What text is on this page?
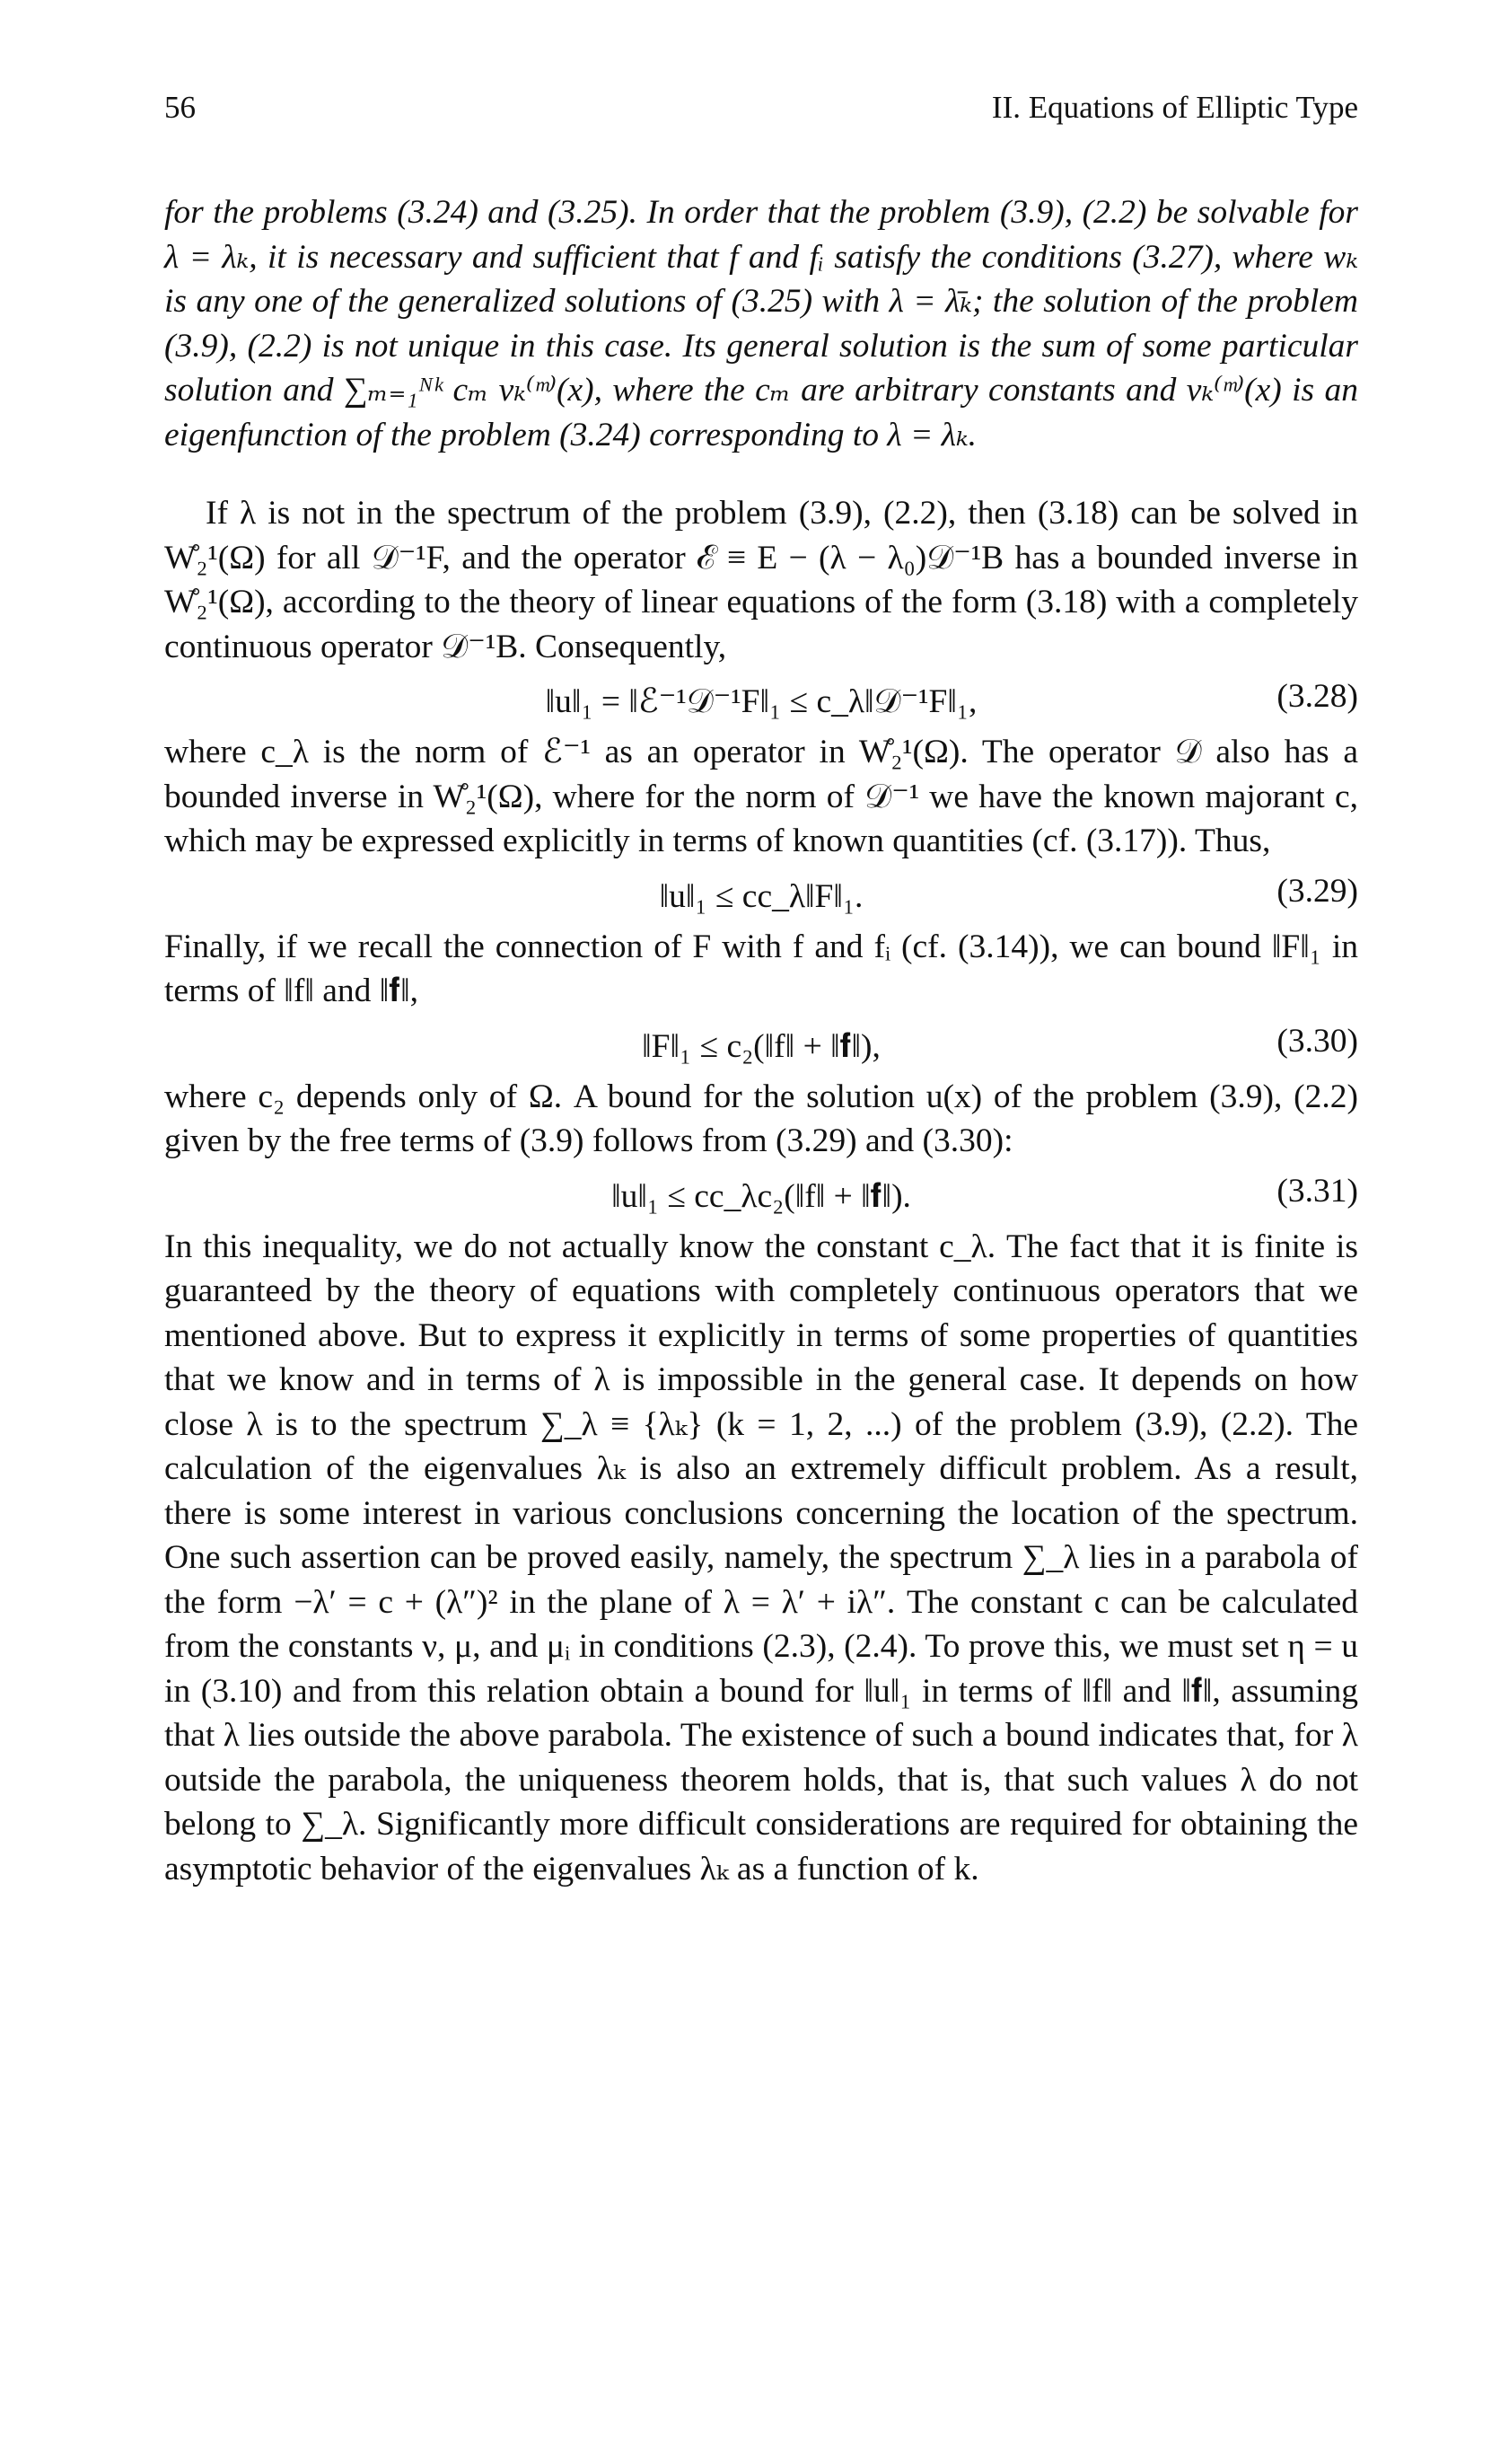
56	II. Equations of Elliptic Type

for the problems (3.24) and (3.25). In order that the problem (3.9), (2.2) be solvable for λ = λₖ, it is necessary and sufficient that f and fᵢ satisfy the conditions (3.27), where wₖ is any one of the generalized solutions of (3.25) with λ = λ̄ₖ; the solution of the problem (3.9), (2.2) is not unique in this case. Its general solution is the sum of some particular solution and ∑ₘ₌₁ᴺᵏ cₘ vₖ⁽ᵐ⁾(x), where the cₘ are arbitrary constants and vₖ⁽ᵐ⁾(x) is an eigenfunction of the problem (3.24) corresponding to λ = λₖ.

If λ is not in the spectrum of the problem (3.9), (2.2), then (3.18) can be solved in W̊₂¹(Ω) for all 𝒟⁻¹F, and the operator ℰ ≡ E − (λ − λ₀)𝒟⁻¹B has a bounded inverse in W̊₂¹(Ω), according to the theory of linear equations of the form (3.18) with a completely continuous operator 𝒟⁻¹B. Consequently,

‖u‖₁ = ‖ℰ⁻¹𝒟⁻¹F‖₁ ≤ c_λ‖𝒟⁻¹F‖₁,	(3.28)

where c_λ is the norm of ℰ⁻¹ as an operator in W̊₂¹(Ω). The operator 𝒟 also has a bounded inverse in W̊₂¹(Ω), where for the norm of 𝒟⁻¹ we have the known majorant c, which may be expressed explicitly in terms of known quantities (cf. (3.17)). Thus,

‖u‖₁ ≤ cc_λ‖F‖₁.	(3.29)

Finally, if we recall the connection of F with f and fᵢ (cf. (3.14)), we can bound ‖F‖₁ in terms of ‖f‖ and ‖𝐟‖,

‖F‖₁ ≤ c₂(‖f‖ + ‖𝐟‖),	(3.30)

where c₂ depends only of Ω. A bound for the solution u(x) of the problem (3.9), (2.2) given by the free terms of (3.9) follows from (3.29) and (3.30):

‖u‖₁ ≤ cc_λc₂(‖f‖ + ‖𝐟‖).	(3.31)

In this inequality, we do not actually know the constant c_λ. The fact that it is finite is guaranteed by the theory of equations with completely continuous operators that we mentioned above. But to express it explicitly in terms of some properties of quantities that we know and in terms of λ is impossible in the general case. It depends on how close λ is to the spectrum ∑_λ ≡ {λₖ} (k = 1, 2, ...) of the problem (3.9), (2.2). The calculation of the eigenvalues λₖ is also an extremely difficult problem. As a result, there is some interest in various conclusions concerning the location of the spectrum. One such assertion can be proved easily, namely, the spectrum ∑_λ lies in a parabola of the form −λ′ = c + (λ″)² in the plane of λ = λ′ + iλ″. The constant c can be calculated from the constants ν, μ, and μᵢ in conditions (2.3), (2.4). To prove this, we must set η = u in (3.10) and from this relation obtain a bound for ‖u‖₁ in terms of ‖f‖ and ‖𝐟‖, assuming that λ lies outside the above parabola. The existence of such a bound indicates that, for λ outside the parabola, the uniqueness theorem holds, that is, that such values λ do not belong to ∑_λ. Significantly more difficult considerations are required for obtaining the asymptotic behavior of the eigenvalues λₖ as a function of k.
